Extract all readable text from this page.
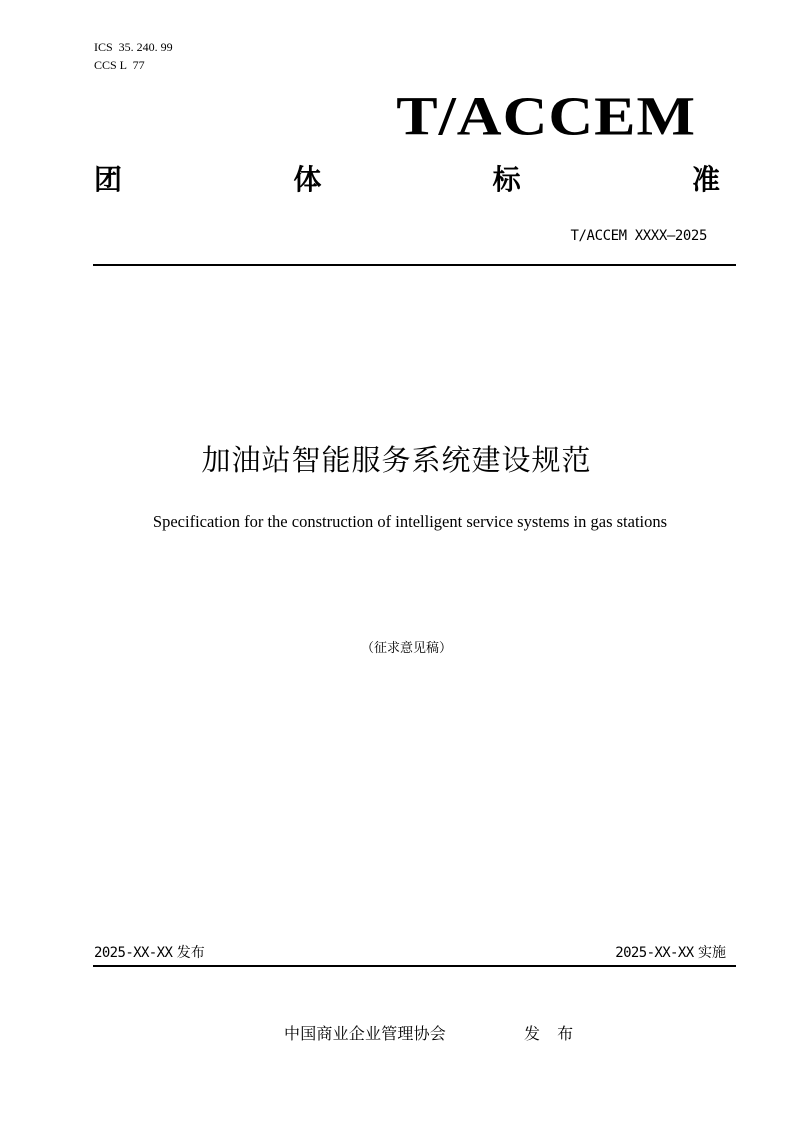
ICS  35. 240. 99
CCS L  77
T/ACCEM
团	体	标	准
T/ACCEM XXXX—2025
加油站智能服务系统建设规范
Specification for the construction of intelligent service systems in gas stations
（征求意见稿）
2025-XX-XX 发布	2025-XX-XX 实施
中国商业企业管理协会	发 布
